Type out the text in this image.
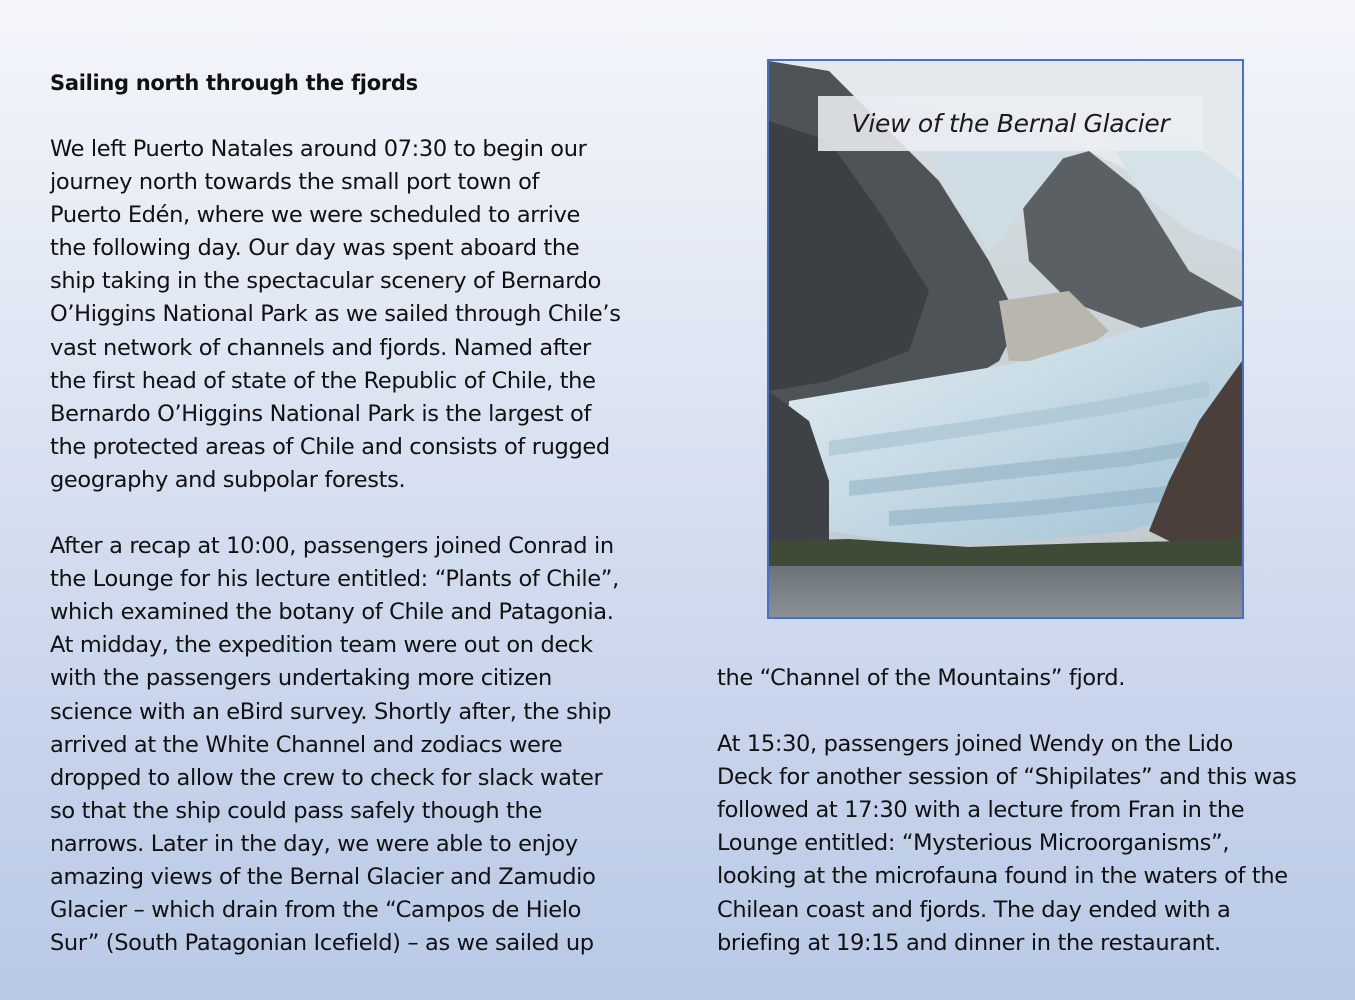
Sailing north through the fjords

We left Puerto Natales around 07:30 to begin our
journey north towards the small port town of
Puerto Edén, where we were scheduled to arrive
the following day. Our day was spent aboard the
ship taking in the spectacular scenery of Bernardo
O’Higgins National Park as we sailed through Chile’s
vast network of channels and fjords. Named after
the first head of state of the Republic of Chile, the
Bernardo O’Higgins National Park is the largest of
the protected areas of Chile and consists of rugged
geography and subpolar forests.

After a recap at 10:00, passengers joined Conrad in
the Lounge for his lecture entitled: “Plants of Chile”,
which examined the botany of Chile and Patagonia.
At midday, the expedition team were out on deck
with the passengers undertaking more citizen
science with an eBird survey. Shortly after, the ship
arrived at the White Channel and zodiacs were
dropped to allow the crew to check for slack water
so that the ship could pass safely though the
narrows. Later in the day, we were able to enjoy
amazing views of the Bernal Glacier and Zamudio
Glacier – which drain from the “Campos de Hielo
Sur” (South Patagonian Icefield) – as we sailed up

View of the Bernal Glacier

the “Channel of the Mountains” fjord.

At 15:30, passengers joined Wendy on the Lido
Deck for another session of “Shipilates” and this was
followed at 17:30 with a lecture from Fran in the
Lounge entitled: “Mysterious Microorganisms”,
looking at the microfauna found in the waters of the
Chilean coast and fjords. The day ended with a
briefing at 19:15 and dinner in the restaurant.
